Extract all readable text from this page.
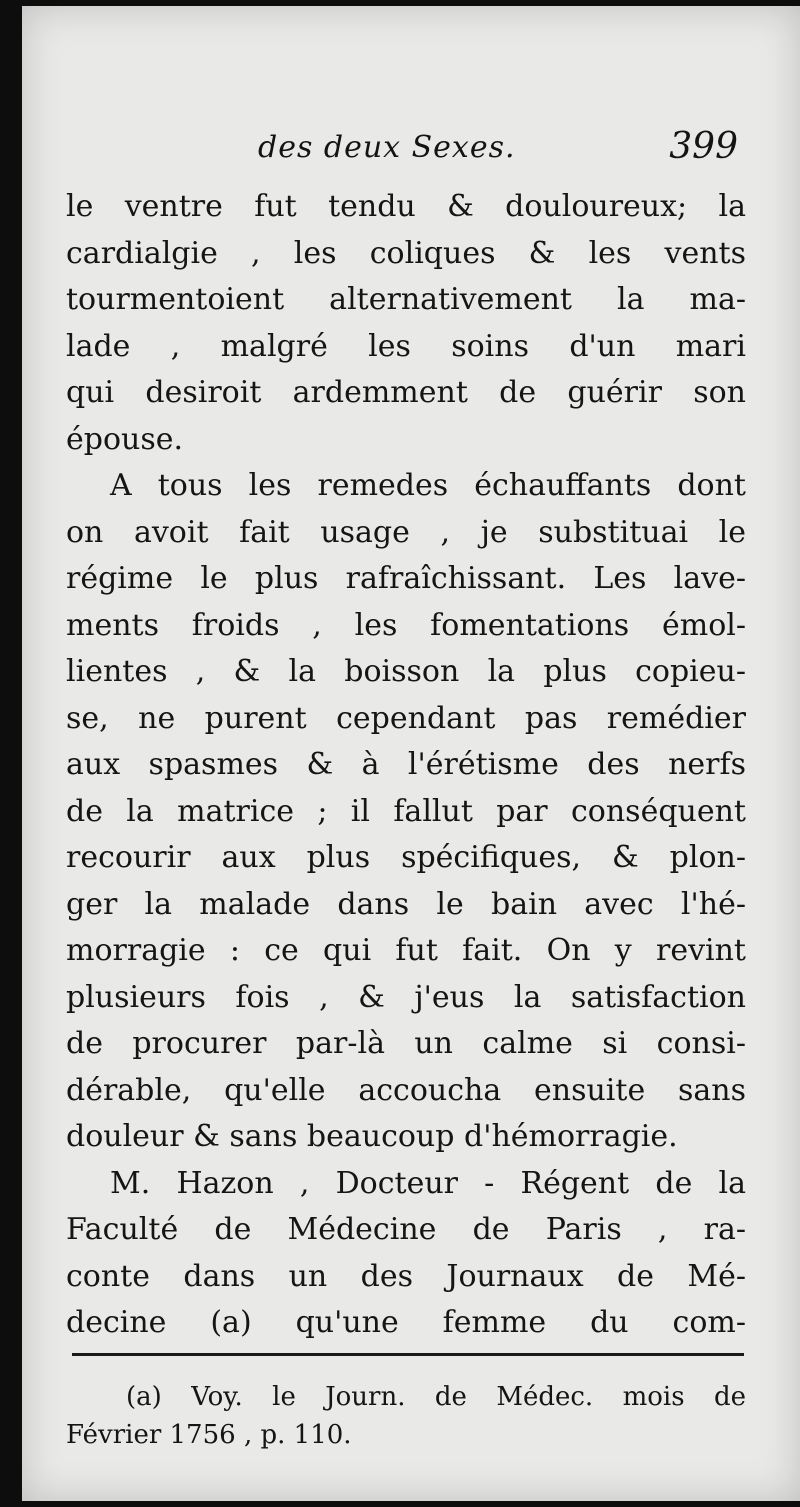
des deux Sexes.	399
le ventre fut tendu & douloureux; la
cardialgie , les coliques & les vents
tourmentoient alternativement la ma-
lade , malgré les soins d'un mari
qui desiroit ardemment de guérir son
épouse.
A tous les remedes échauffants dont
on avoit fait usage , je substituai le
régime le plus rafraîchissant. Les lave-
ments froids , les fomentations émol-
lientes , & la boisson la plus copieu-
se, ne purent cependant pas remédier
aux spasmes & à l'érétisme des nerfs
de la matrice ; il fallut par conséquent
recourir aux plus spécifiques, & plon-
ger la malade dans le bain avec l'hé-
morragie : ce qui fut fait. On y revint
plusieurs fois , & j'eus la satisfaction
de procurer par-là un calme si consi-
dérable, qu'elle accoucha ensuite sans
douleur & sans beaucoup d'hémorragie.
M. Hazon , Docteur - Régent de la
Faculté de Médecine de Paris , ra-
conte dans un des Journaux de Mé-
decine (a) qu'une femme du com-
(a) Voy. le Journ. de Médec. mois de
Février 1756 , p. 110.
